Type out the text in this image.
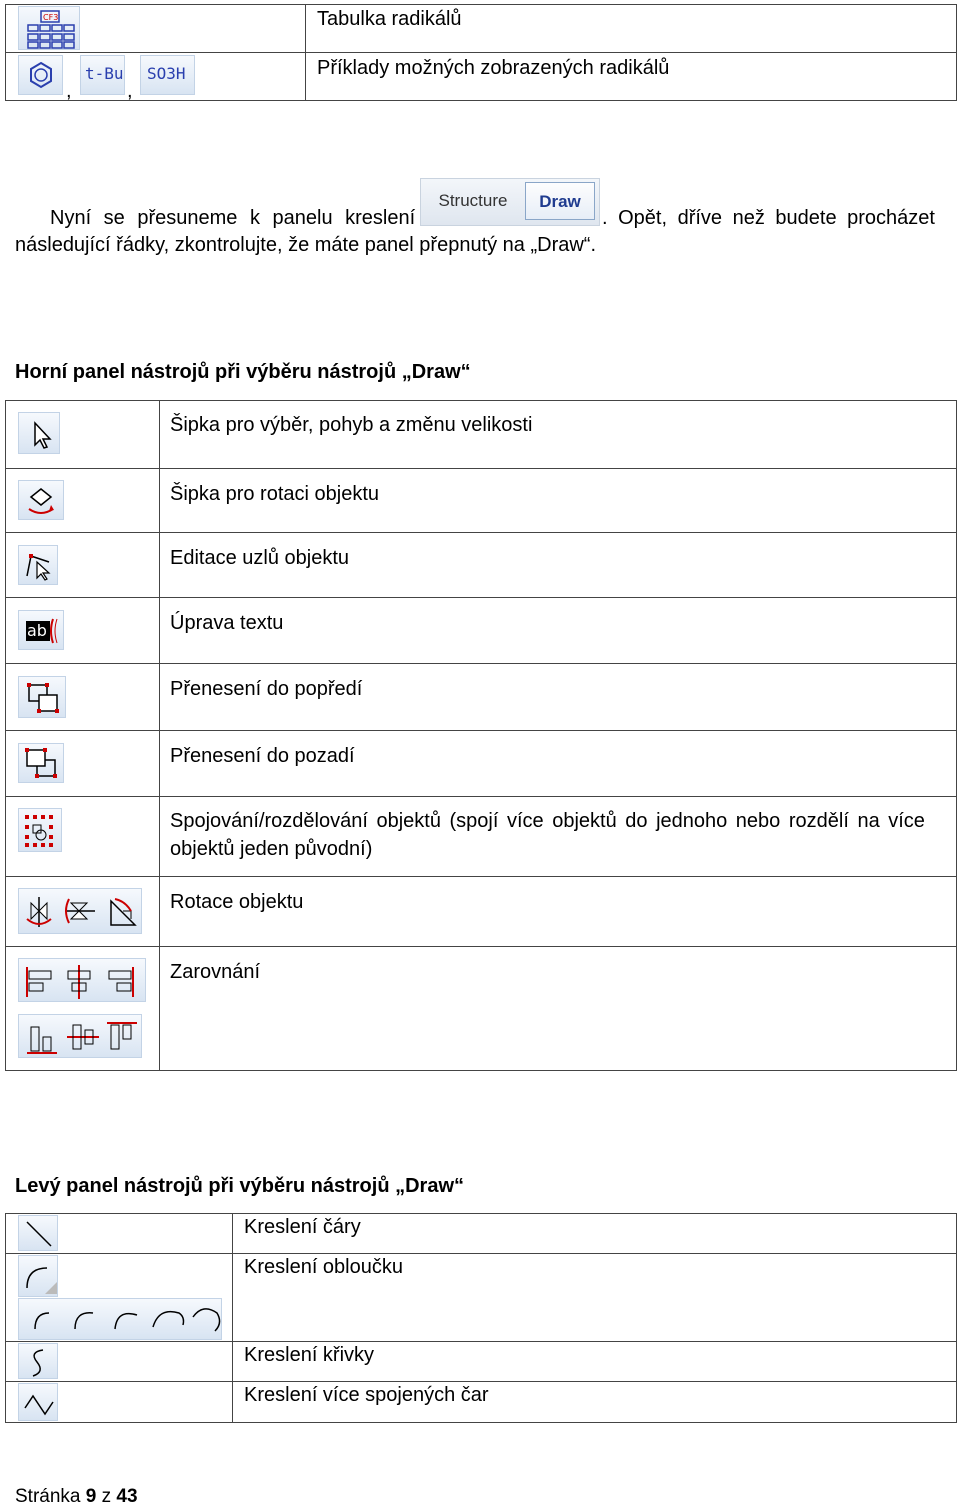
CF3	Tabulka radikálů
,
t-Bu
,
SO3H	Příklady možných zobrazených radikálů
Nyní se přesuneme k panelu kreslení
Structure	Draw
. Opět, dříve než budete procházet
následující řádky, zkontrolujte, že máte panel přepnutý na „Draw“.
Horní panel nástrojů při výběru nástrojů „Draw“

Šipka pro výběr, pohyb a změnu velikosti
Šipka pro rotaci objektu
Editace uzlů objektu
ab	Úprava textu
Přenesení do popředí
Přenesení do pozadí
Spojování/rozdělování objektů (spojí více objektů do jednoho nebo rozdělí na více
objektů jeden původní)
Rotace objektu
Zarovnání
Levý panel nástrojů při výběru nástrojů „Draw“

Kreslení čáry
Kreslení obloučku
Kreslení křivky
Kreslení více spojených čar
Stránka 9 z 43
